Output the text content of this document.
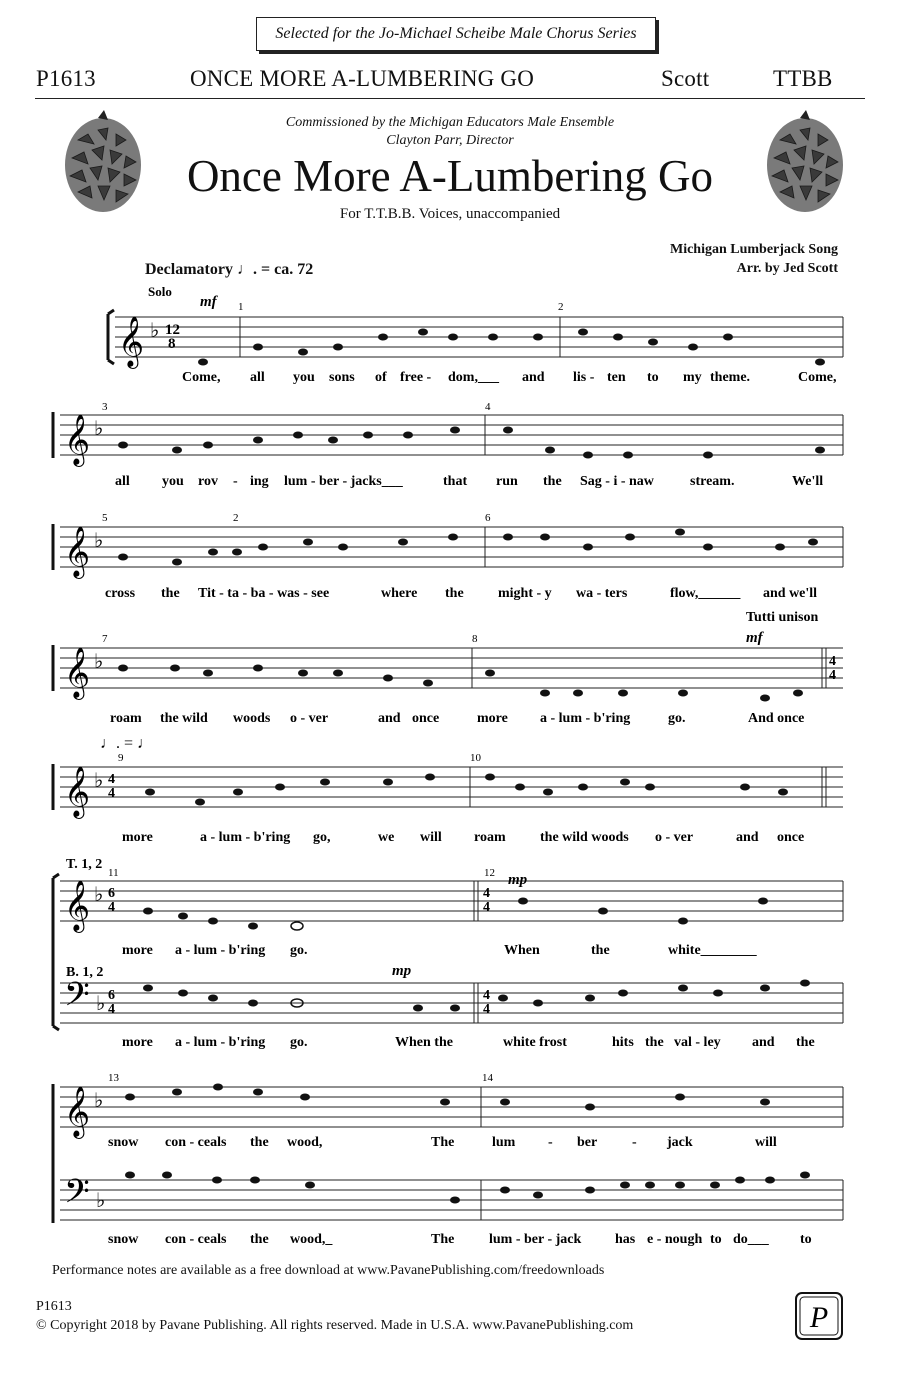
Selected for the Jo-Michael Scheibe Male Chorus Series
P1613	ONCE MORE A-LUMBERING GO	Scott	TTBB
Commissioned by the Michigan Educators Male Ensemble
Clayton Parr, Director
Once More A-Lumbering Go
For T.T.B.B. Voices, unaccompanied
Michigan Lumberjack Song
Arr. by Jed Scott
Declamatory ♩. = ca. 72
𝄞 ♭ 12
8
Solo
mf 1	2
Come, all you sons of free - dom,___ and lis - ten to my theme.	Come,
𝄞 ♭
3	4
all you rov - ing lum - ber - jacks___	that run the Sag - i - naw	stream.	We'll
𝄞 ♭
5	6
2
cross the Tit - ta - ba - was - see	where the might - y wa - ters	flow,______ and we'll
𝄞 ♭
7	8
Tutti unison
mf
4
4
roam the wild woods o - ver	and once	more a - lum - b'ring	go.	And once
♩. = ♩
𝄞 ♭ 4
4
9	10
more	a - lum - b'ring go,	we will roam the wild woods o - ver	and once
T. 1, 2
B. 1, 2
𝄞
𝄢
♭
♭
6
4
6
4
4
4
4
4
11	12 mp
mp
more a - lum - b'ring go.	When	the	white________
more a - lum - b'ring go.	When the	white frost	hits the val - ley and the
𝄞
𝄢
♭
♭
13	14
snow con - ceals the wood,	The	lum - ber - jack	will
snow con - ceals the wood,_	The lum - ber - jack has e - nough to do___ to
Performance notes are available as a free download at www.PavanePublishing.com/freedownloads
P1613
© Copyright 2018 by Pavane Publishing. All rights reserved. Made in U.S.A. www.PavanePublishing.com	P
